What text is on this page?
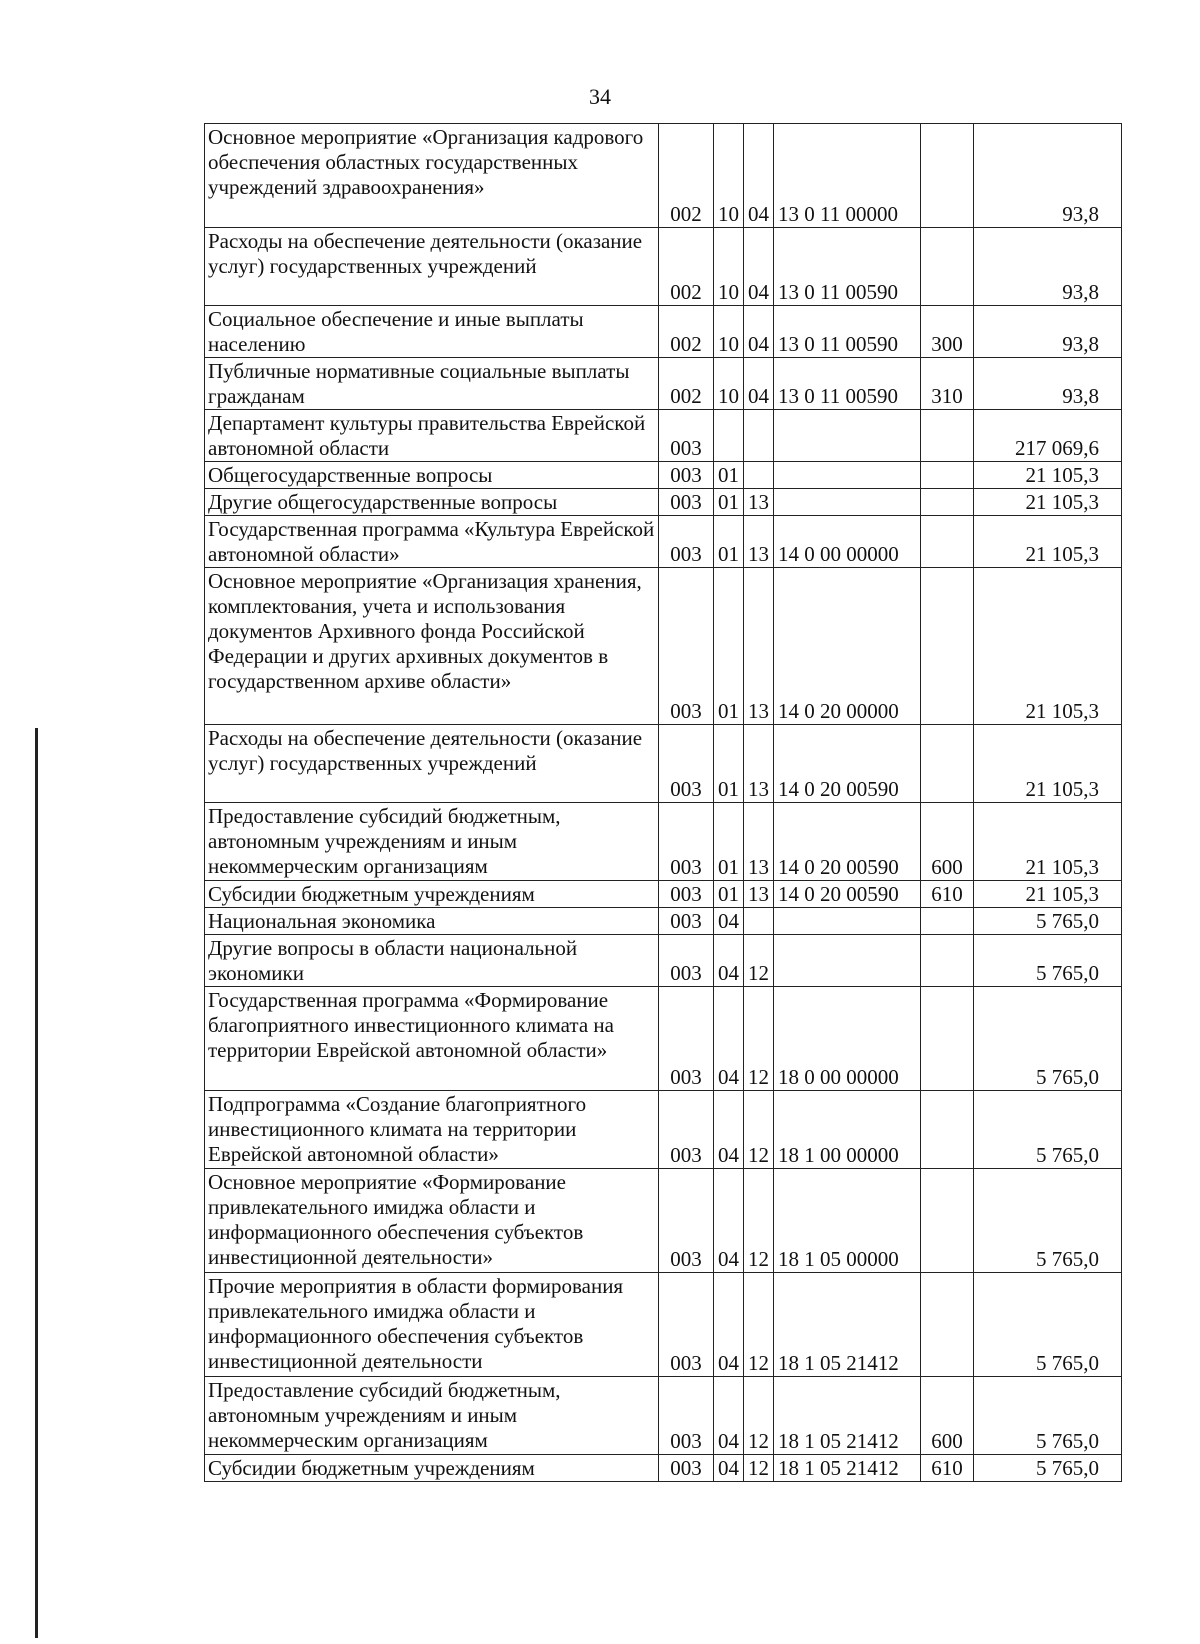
34
Основное мероприятие «Организация кадрового обеспечения областных государственных учреждений здравоохранения»	002	10	04	13 0 11 00000		93,8
Расходы на обеспечение деятельности (оказание услуг) государственных учреждений	002	10	04	13 0 11 00590		93,8
Социальное обеспечение и иные выплаты населению	002	10	04	13 0 11 00590	300	93,8
Публичные нормативные социальные выплаты гражданам	002	10	04	13 0 11 00590	310	93,8
Департамент культуры правительства Еврейской автономной области	003					217 069,6
Общегосударственные вопросы	003	01				21 105,3
Другие общегосударственные вопросы	003	01	13			21 105,3
Государственная программа «Культура Еврейской автономной области»	003	01	13	14 0 00 00000		21 105,3
Основное мероприятие «Организация хранения, комплектования, учета и использования документов Архивного фонда Российской Федерации и других архивных документов в государственном архиве области»	003	01	13	14 0 20 00000		21 105,3
Расходы на обеспечение деятельности (оказание услуг) государственных учреждений	003	01	13	14 0 20 00590		21 105,3
Предоставление субсидий бюджетным, автономным учреждениям и иным некоммерческим организациям	003	01	13	14 0 20 00590	600	21 105,3
Субсидии бюджетным учреждениям	003	01	13	14 0 20 00590	610	21 105,3
Национальная экономика	003	04				5 765,0
Другие вопросы в области национальной экономики	003	04	12			5 765,0
Государственная программа «Формирование благоприятного инвестиционного климата на территории Еврейской автономной области»	003	04	12	18 0 00 00000		5 765,0
Подпрограмма «Создание благоприятного инвестиционного климата на территории Еврейской автономной области»	003	04	12	18 1 00 00000		5 765,0
Основное мероприятие «Формирование привлекательного имиджа области и информационного обеспечения субъектов инвестиционной деятельности»	003	04	12	18 1 05 00000		5 765,0
Прочие мероприятия в области формирования привлекательного имиджа области и информационного обеспечения субъектов инвестиционной деятельности	003	04	12	18 1 05 21412		5 765,0
Предоставление субсидий бюджетным, автономным учреждениям и иным некоммерческим организациям	003	04	12	18 1 05 21412	600	5 765,0
Субсидии бюджетным учреждениям	003	04	12	18 1 05 21412	610	5 765,0
